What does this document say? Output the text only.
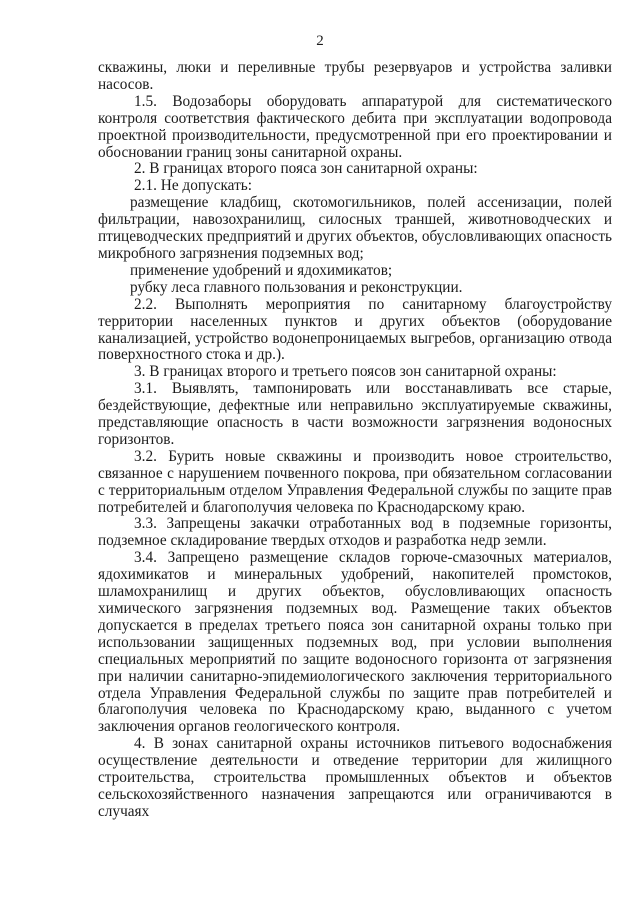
2

скважины, люки и переливные трубы резервуаров и устройства заливки насосов.

1.5. Водозаборы оборудовать аппаратурой для систематического контроля соответствия фактического дебита при эксплуатации водопровода проектной производительности, предусмотренной при его проектировании и обосновании границ зоны санитарной охраны.

2. В границах второго пояса зон санитарной охраны:

2.1. Не допускать:

размещение кладбищ, скотомогильников, полей ассенизации, полей фильтрации, навозохранилищ, силосных траншей, животноводческих и птицеводческих предприятий и других объектов, обусловливающих опасность микробного загрязнения подземных вод;

применение удобрений и ядохимикатов;

рубку леса главного пользования и реконструкции.

2.2. Выполнять мероприятия по санитарному благоустройству территории населенных пунктов и других объектов (оборудование канализацией, устройство водонепроницаемых выгребов, организацию отвода поверхностного стока и др.).

3. В границах второго и третьего поясов зон санитарной охраны:

3.1. Выявлять, тампонировать или восстанавливать все старые, бездействующие, дефектные или неправильно эксплуатируемые скважины, представляющие опасность в части возможности загрязнения водоносных горизонтов.

3.2. Бурить новые скважины и производить новое строительство, связанное с нарушением почвенного покрова, при обязательном согласовании с территориальным отделом Управления Федеральной службы по защите прав потребителей и благополучия человека по Краснодарскому краю.

3.3. Запрещены закачки отработанных вод в подземные горизонты, подземное складирование твердых отходов и разработка недр земли.

3.4. Запрещено размещение складов горюче-смазочных материалов, ядохимикатов и минеральных удобрений, накопителей промстоков, шламохранилищ и других объектов, обусловливающих опасность химического загрязнения подземных вод. Размещение таких объектов допускается в пределах третьего пояса зон санитарной охраны только при использовании защищенных подземных вод, при условии выполнения специальных мероприятий по защите водоносного горизонта от загрязнения при наличии санитарно-эпидемиологического заключения территориального отдела Управления Федеральной службы по защите прав потребителей и благополучия человека по Краснодарскому краю, выданного с учетом заключения органов геологического контроля.

4. В зонах санитарной охраны источников питьевого водоснабжения осуществление деятельности и отведение территории для жилищного строительства, строительства промышленных объектов и объектов сельскохозяйственного назначения запрещаются или ограничиваются в случаях
